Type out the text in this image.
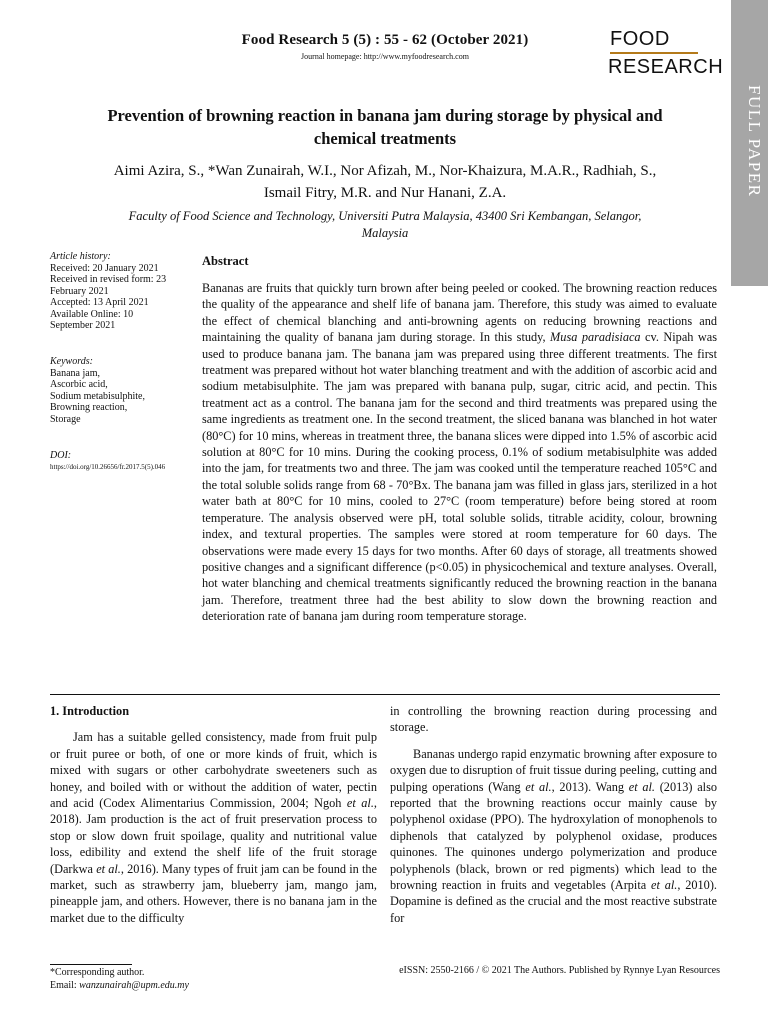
Food Research 5 (5) : 55 - 62 (October 2021)
Journal homepage: http://www.myfoodresearch.com
FOOD
RESEARCH
FULL PAPER
Prevention of browning reaction in banana jam during storage by physical and
chemical treatments
Aimi Azira, S., *Wan Zunairah, W.I., Nor Afizah, M., Nor-Khaizura, M.A.R., Radhiah, S.,
Ismail Fitry, M.R. and Nur Hanani, Z.A.
Faculty of Food Science and Technology, Universiti Putra Malaysia, 43400 Sri Kembangan, Selangor,
Malaysia
Article history:
Received: 20 January 2021
Received in revised form: 23
February 2021
Accepted: 13 April 2021
Available Online: 10
September 2021
Keywords:
Banana jam,
Ascorbic acid,
Sodium metabisulphite,
Browning reaction,
Storage
DOI:
https://doi.org/10.26656/fr.2017.5(5).046
Abstract
Bananas are fruits that quickly turn brown after being peeled or cooked. The browning reaction reduces the quality of the appearance and shelf life of banana jam. Therefore, this study was aimed to evaluate the effect of chemical blanching and anti-browning agents on reducing browning reactions and maintaining the quality of banana jam during storage. In this study, Musa paradisiaca cv. Nipah was used to produce banana jam. The banana jam was prepared using three different treatments. The first treatment was prepared without hot water blanching treatment and with the addition of ascorbic acid and sodium metabisulphite. The jam was prepared with banana pulp, sugar, citric acid, and pectin. This treatment act as a control. The banana jam for the second and third treatments was prepared using the same ingredients as treatment one. In the second treatment, the sliced banana was blanched in hot water (80°C) for 10 mins, whereas in treatment three, the banana slices were dipped into 1.5% of ascorbic acid solution at 80°C for 10 mins. During the cooking process, 0.1% of sodium metabisulphite was added into the jam, for treatments two and three. The jam was cooked until the temperature reached 105°C and the total soluble solids range from 68 - 70°Bx. The banana jam was filled in glass jars, sterilized in a hot water bath at 80°C for 10 mins, cooled to 27°C (room temperature) before being stored at room temperature. The analysis observed were pH, total soluble solids, titrable acidity, colour, browning index, and textural properties. The samples were stored at room temperature for 60 days. The observations were made every 15 days for two months. After 60 days of storage, all treatments showed positive changes and a significant difference (p<0.05) in physicochemical and texture analyses. Overall, hot water blanching and chemical treatments significantly reduced the browning reaction in the banana jam. Therefore, treatment three had the best ability to slow down the browning reaction and deterioration rate of banana jam during room temperature storage.
1. Introduction

Jam has a suitable gelled consistency, made from fruit pulp or fruit puree or both, of one or more kinds of fruit, which is mixed with sugars or other carbohydrate sweeteners such as honey, and boiled with or without the addition of water, pectin and acid (Codex Alimentarius Commission, 2004; Ngoh et al., 2018). Jam production is the act of fruit preservation process to stop or slow down fruit spoilage, quality and nutritional value loss, edibility and extend the shelf life of the fruit storage (Darkwa et al., 2016). Many types of fruit jam can be found in the market, such as strawberry jam, blueberry jam, mango jam, pineapple jam, and others. However, there is no banana jam in the market due to the difficulty

in controlling the browning reaction during processing and storage.

Bananas undergo rapid enzymatic browning after exposure to oxygen due to disruption of fruit tissue during peeling, cutting and pulping operations (Wang et al., 2013). Wang et al. (2013) also reported that the browning reactions occur mainly cause by polyphenol oxidase (PPO). The hydroxylation of monophenols to diphenols that catalyzed by polyphenol oxidase, produces quinones. The quinones undergo polymerization and produce polyphenols (black, brown or red pigments) which lead to the browning reaction in fruits and vegetables (Arpita et al., 2010). Dopamine is defined as the crucial and the most reactive substrate for

*Corresponding author.
Email: wanzunairah@upm.edu.my
eISSN: 2550-2166 / © 2021 The Authors. Published by Rynnye Lyan Resources
